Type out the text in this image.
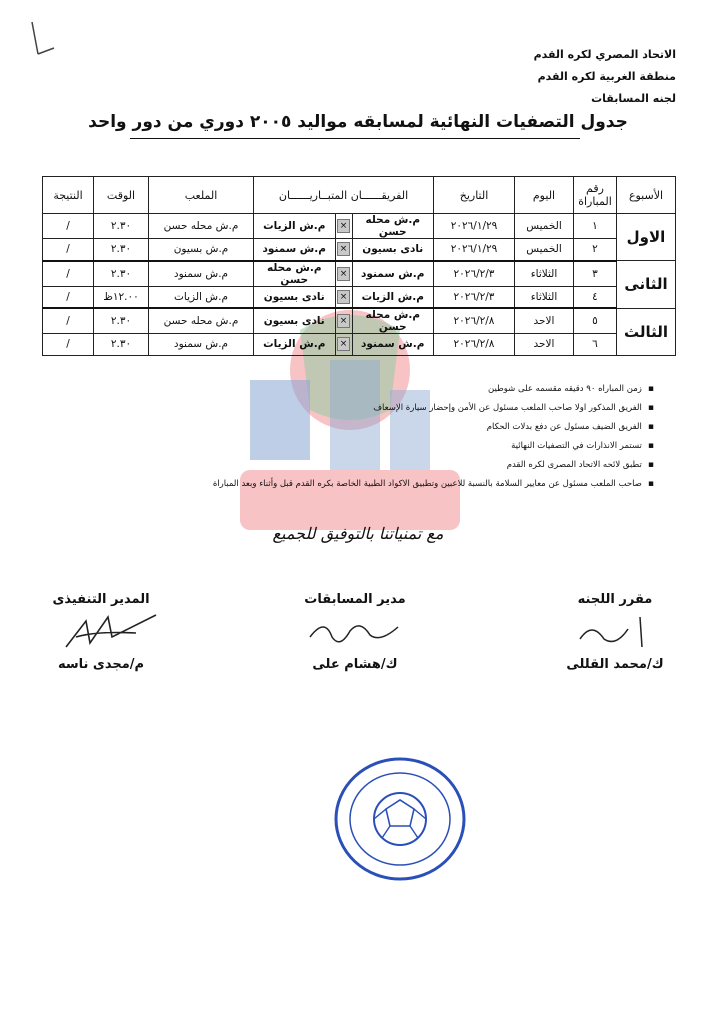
الاتحاد المصري لكره القدم
منطقة الغربية لكره القدم
لجنه المسابقات
جدول التصفيات النهائية لمسابقه مواليد ٢٠٠٥ دوري من دور واحد
الأسبوع	رقم المباراة	اليوم	التاريخ	الفريقــــــان المتبــاريــــــان			الملعب	الوقت	النتيجة
الاول	١	الخميس	٢٠٢٦/١/٢٩	م.ش محله حسن	×	م.ش الزيات	م.ش محله حسن	٢.٣٠	/
	٢	الخميس	٢٠٢٦/١/٢٩	نادى بسيون	×	م.ش سمنود	م.ش بسيون	٢.٣٠	/
الثانى	٣	الثلاثاء	٢٠٢٦/٢/٣	م.ش سمنود	×	م.ش محله حسن	م.ش سمنود	٢.٣٠	/
	٤	الثلاثاء	٢٠٢٦/٢/٣	م.ش الزيات	×	نادى بسيون	م.ش الزيات	١٢.٠٠ظ	/
الثالث	٥	الاحد	٢٠٢٦/٢/٨	م.ش محله حسن	×	نادى بسيون	م.ش محله حسن	٢.٣٠	/
	٦	الاحد	٢٠٢٦/٢/٨	م.ش سمنود	×	م.ش الزيات	م.ش سمنود	٢.٣٠	/
▪ زمن المباراه ٩٠ دقيقه مقسمه على شوطين
▪ الفريق المذكور اولا صاحب الملعب مسئول عن الأمن وإحضار سيارة الإسعاف
▪ الفريق الضيف مسئول عن دفع بدلات الحكام
▪ تستمر الانذارات في التصفيات النهائية
▪ تطبق لائحه الاتحاد المصرى لكره القدم
▪ صاحب الملعب مسئول عن معايير السلامة بالنسبة للاعبين وتطبيق الاكواد الطبية الخاصة بكره القدم قبل وأثناء وبعد المباراة
مع تمنياتنا بالتوفيق للجميع
المدير التنفيذى
م/مجدى ناسه
مدير المسابقات
ك/هشام على
مقرر اللجنه
ك/محمد القللى
